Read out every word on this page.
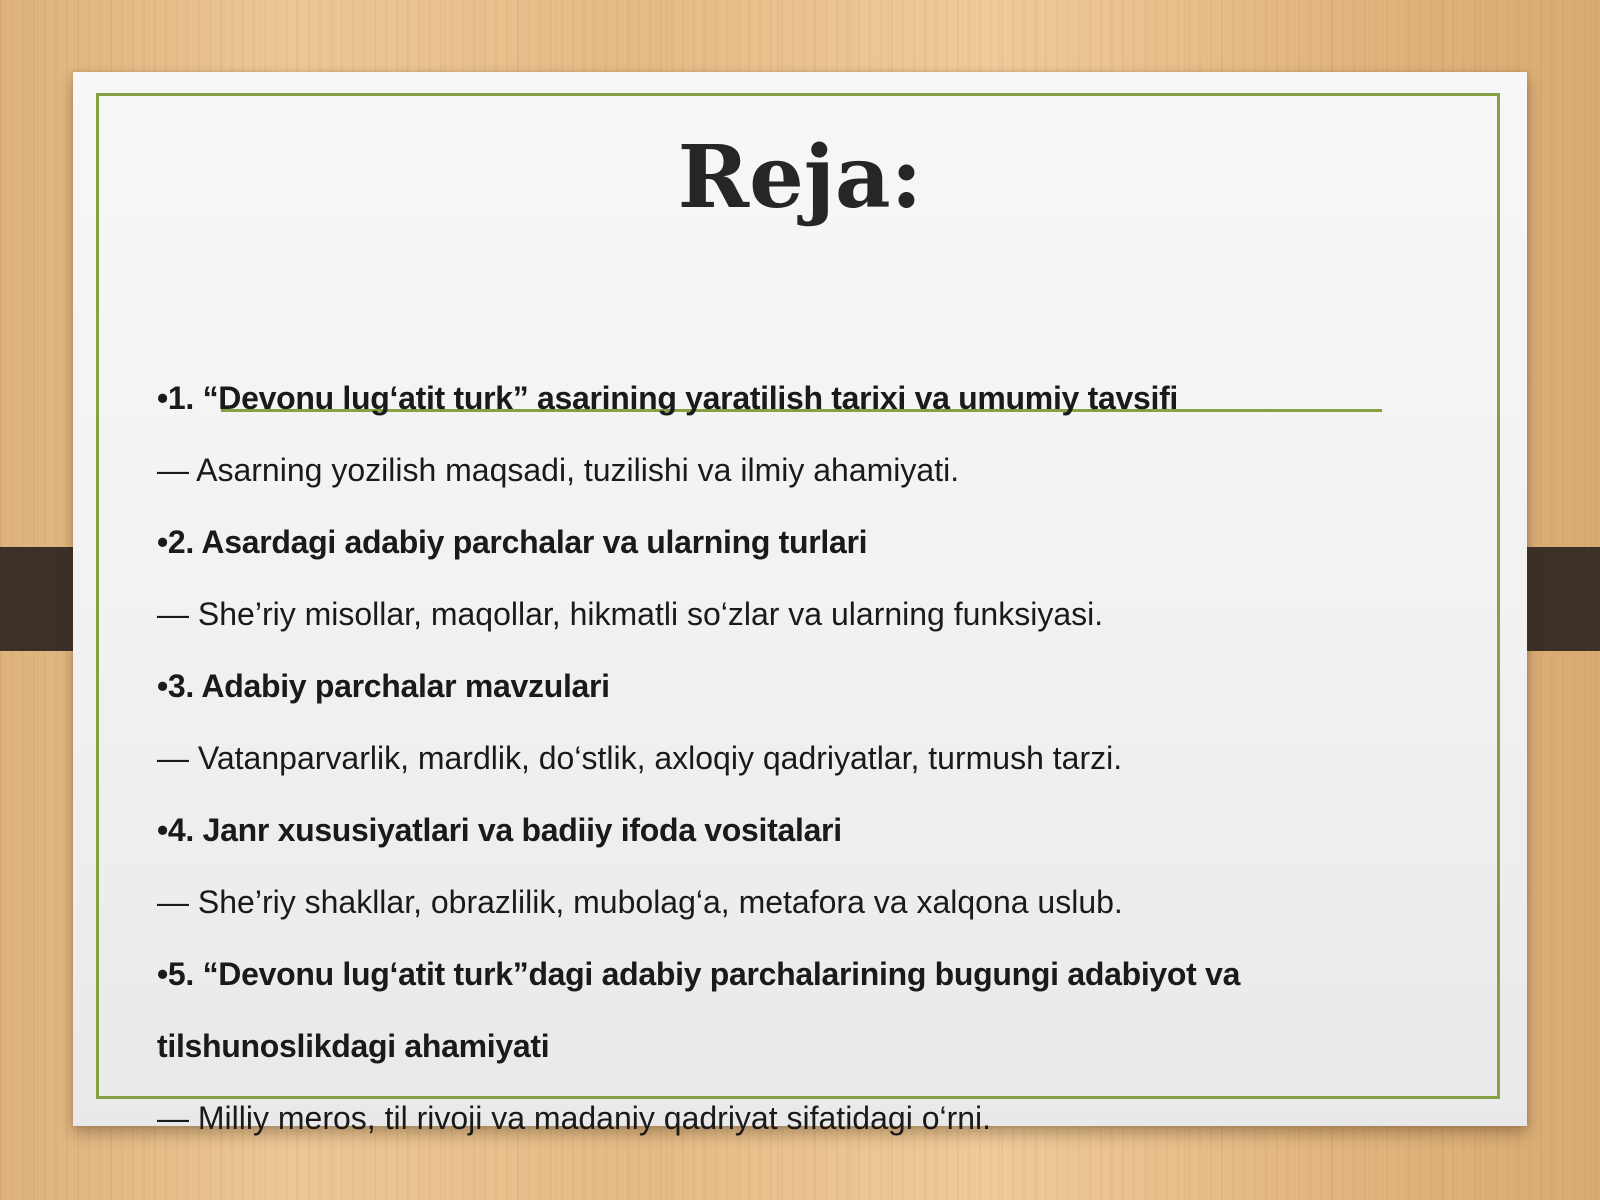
Reja:

•1. “Devonu lug‘atit turk” asarining yaratilish tarixi va umumiy tavsifi

— Asarning yozilish maqsadi, tuzilishi va ilmiy ahamiyati.

•2. Asardagi adabiy parchalar va ularning turlari

— She’riy misollar, maqollar, hikmatli so‘zlar va ularning funksiyasi.

•3. Adabiy parchalar mavzulari

— Vatanparvarlik, mardlik, do‘stlik, axloqiy qadriyatlar, turmush tarzi.

•4. Janr xususiyatlari va badiiy ifoda vositalari

— She’riy shakllar, obrazlilik, mubolag‘a, metafora va xalqona uslub.

•5. “Devonu lug‘atit turk”dagi adabiy parchalarining bugungi adabiyot va tilshunoslikdagi ahamiyati

— Milliy meros, til rivoji va madaniy qadriyat sifatidagi o‘rni.
